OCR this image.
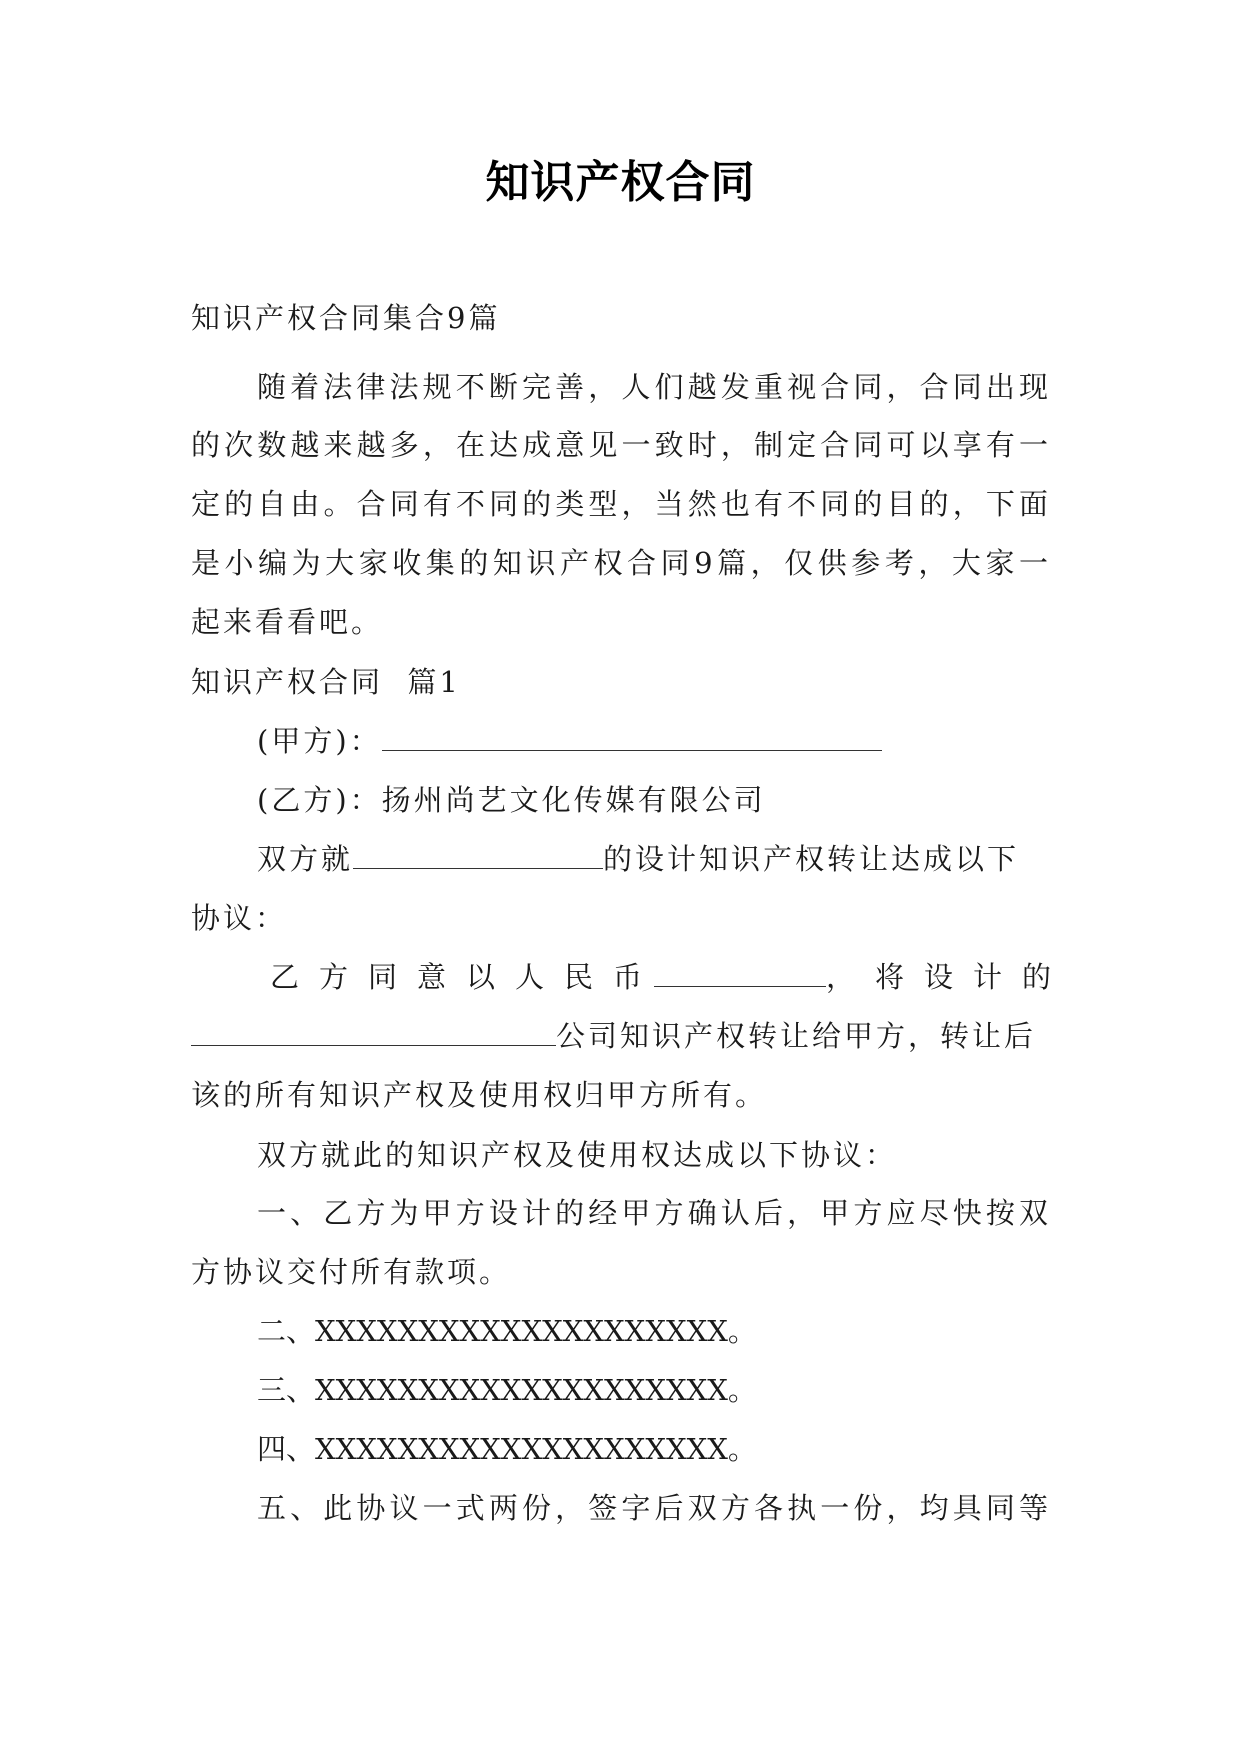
知识产权合同
知识产权合同集合9篇
随着法律法规不断完善，人们越发重视合同，合同出现
的次数越来越多，在达成意见一致时，制定合同可以享有一
定的自由。合同有不同的类型，当然也有不同的目的，下面
是小编为大家收集的知识产权合同9篇，仅供参考，大家一
起来看看吧。
知识产权合同  篇1
(甲方)：
(乙方)：扬州尚艺文化传媒有限公司
双方就	的设计知识产权转让达成以下
协议：
乙方同意以人民币	，将设计的
公司知识产权转让给甲方，转让后
该的所有知识产权及使用权归甲方所有。
双方就此的知识产权及使用权达成以下协议：
一、乙方为甲方设计的经甲方确认后，甲方应尽快按双
方协议交付所有款项。
二、XXXXXXXXXXXXXXXXXXXX。
三、XXXXXXXXXXXXXXXXXXXX。
四、XXXXXXXXXXXXXXXXXXXX。
五、此协议一式两份，签字后双方各执一份，均具同等
